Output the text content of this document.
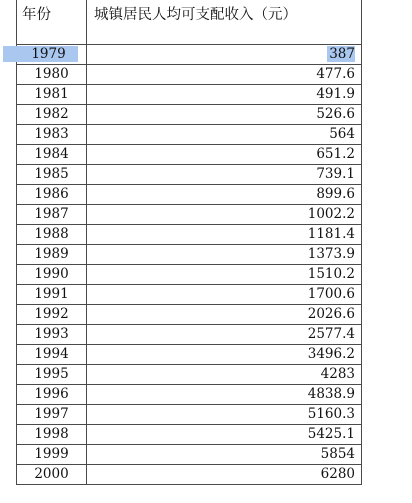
年份	城镇居民人均可支配收入（元）
1979	387
1980	477.6
1981	491.9
1982	526.6
1983	564
1984	651.2
1985	739.1
1986	899.6
1987	1002.2
1988	1181.4
1989	1373.9
1990	1510.2
1991	1700.6
1992	2026.6
1993	2577.4
1994	3496.2
1995	4283
1996	4838.9
1997	5160.3
1998	5425.1
1999	5854
2000	6280
